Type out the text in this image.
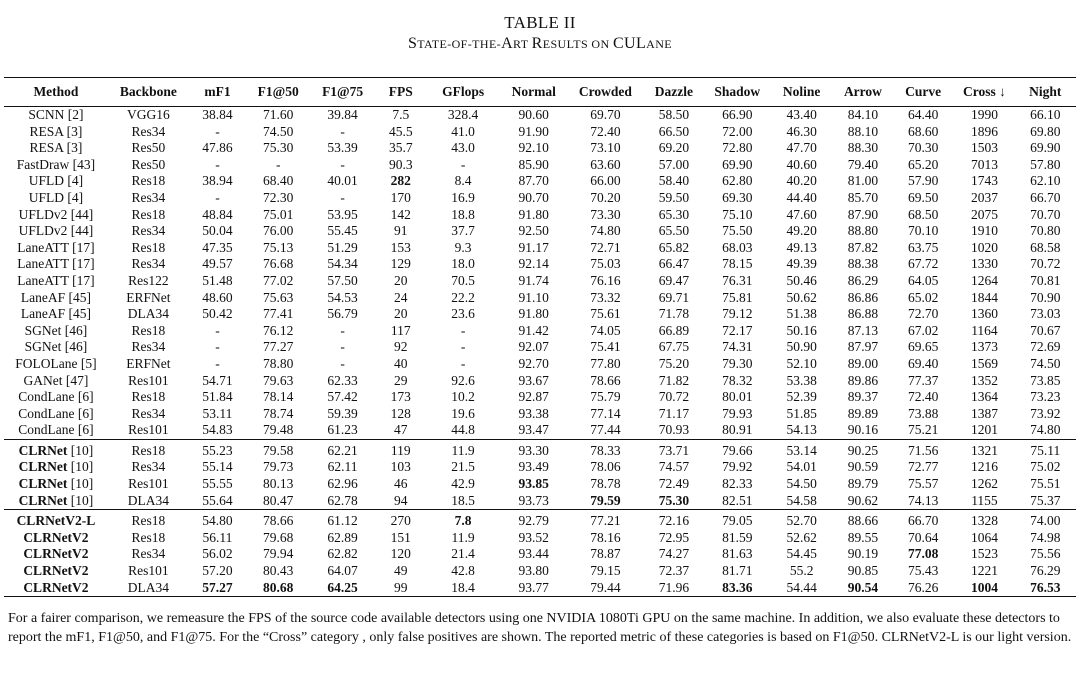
TABLE II
STATE-OF-THE-ART RESULTS ON CULANE
Method	Backbone	mF1	F1@50	F1@75	FPS	GFlops	Normal	Crowded	Dazzle	Shadow	Noline	Arrow	Curve	Cross ↓	Night
SCNN [2]	VGG16	38.84	71.60	39.84	7.5	328.4	90.60	69.70	58.50	66.90	43.40	84.10	64.40	1990	66.10
RESA [3]	Res34	-	74.50	-	45.5	41.0	91.90	72.40	66.50	72.00	46.30	88.10	68.60	1896	69.80
RESA [3]	Res50	47.86	75.30	53.39	35.7	43.0	92.10	73.10	69.20	72.80	47.70	88.30	70.30	1503	69.90
FastDraw [43]	Res50	-	-	-	90.3	-	85.90	63.60	57.00	69.90	40.60	79.40	65.20	7013	57.80
UFLD [4]	Res18	38.94	68.40	40.01	282	8.4	87.70	66.00	58.40	62.80	40.20	81.00	57.90	1743	62.10
UFLD [4]	Res34	-	72.30	-	170	16.9	90.70	70.20	59.50	69.30	44.40	85.70	69.50	2037	66.70
UFLDv2 [44]	Res18	48.84	75.01	53.95	142	18.8	91.80	73.30	65.30	75.10	47.60	87.90	68.50	2075	70.70
UFLDv2 [44]	Res34	50.04	76.00	55.45	91	37.7	92.50	74.80	65.50	75.50	49.20	88.80	70.10	1910	70.80
LaneATT [17]	Res18	47.35	75.13	51.29	153	9.3	91.17	72.71	65.82	68.03	49.13	87.82	63.75	1020	68.58
LaneATT [17]	Res34	49.57	76.68	54.34	129	18.0	92.14	75.03	66.47	78.15	49.39	88.38	67.72	1330	70.72
LaneATT [17]	Res122	51.48	77.02	57.50	20	70.5	91.74	76.16	69.47	76.31	50.46	86.29	64.05	1264	70.81
LaneAF [45]	ERFNet	48.60	75.63	54.53	24	22.2	91.10	73.32	69.71	75.81	50.62	86.86	65.02	1844	70.90
LaneAF [45]	DLA34	50.42	77.41	56.79	20	23.6	91.80	75.61	71.78	79.12	51.38	86.88	72.70	1360	73.03
SGNet [46]	Res18	-	76.12	-	117	-	91.42	74.05	66.89	72.17	50.16	87.13	67.02	1164	70.67
SGNet [46]	Res34	-	77.27	-	92	-	92.07	75.41	67.75	74.31	50.90	87.97	69.65	1373	72.69
FOLOLane [5]	ERFNet	-	78.80	-	40	-	92.70	77.80	75.20	79.30	52.10	89.00	69.40	1569	74.50
GANet [47]	Res101	54.71	79.63	62.33	29	92.6	93.67	78.66	71.82	78.32	53.38	89.86	77.37	1352	73.85
CondLane [6]	Res18	51.84	78.14	57.42	173	10.2	92.87	75.79	70.72	80.01	52.39	89.37	72.40	1364	73.23
CondLane [6]	Res34	53.11	78.74	59.39	128	19.6	93.38	77.14	71.17	79.93	51.85	89.89	73.88	1387	73.92
CondLane [6]	Res101	54.83	79.48	61.23	47	44.8	93.47	77.44	70.93	80.91	54.13	90.16	75.21	1201	74.80

CLRNet [10]	Res18	55.23	79.58	62.21	119	11.9	93.30	78.33	73.71	79.66	53.14	90.25	71.56	1321	75.11
CLRNet [10]	Res34	55.14	79.73	62.11	103	21.5	93.49	78.06	74.57	79.92	54.01	90.59	72.77	1216	75.02
CLRNet [10]	Res101	55.55	80.13	62.96	46	42.9	93.85	78.78	72.49	82.33	54.50	89.79	75.57	1262	75.51
CLRNet [10]	DLA34	55.64	80.47	62.78	94	18.5	93.73	79.59	75.30	82.51	54.58	90.62	74.13	1155	75.37

CLRNetV2-L	Res18	54.80	78.66	61.12	270	7.8	92.79	77.21	72.16	79.05	52.70	88.66	66.70	1328	74.00
CLRNetV2	Res18	56.11	79.68	62.89	151	11.9	93.52	78.16	72.95	81.59	52.62	89.55	70.64	1064	74.98
CLRNetV2	Res34	56.02	79.94	62.82	120	21.4	93.44	78.87	74.27	81.63	54.45	90.19	77.08	1523	75.56
CLRNetV2	Res101	57.20	80.43	64.07	49	42.8	93.80	79.15	72.37	81.71	55.2	90.85	75.43	1221	76.29
CLRNetV2	DLA34	57.27	80.68	64.25	99	18.4	93.77	79.44	71.96	83.36	54.44	90.54	76.26	1004	76.53
For a fairer comparison, we remeasure the FPS of the source code available detectors using one NVIDIA 1080Ti GPU on the same machine. In addition, we also evaluate these detectors to report the mF1, F1@50, and F1@75. For the “Cross” category , only false positives are shown. The reported metric of these categories is based on F1@50. CLRNetV2-L is our light version.
